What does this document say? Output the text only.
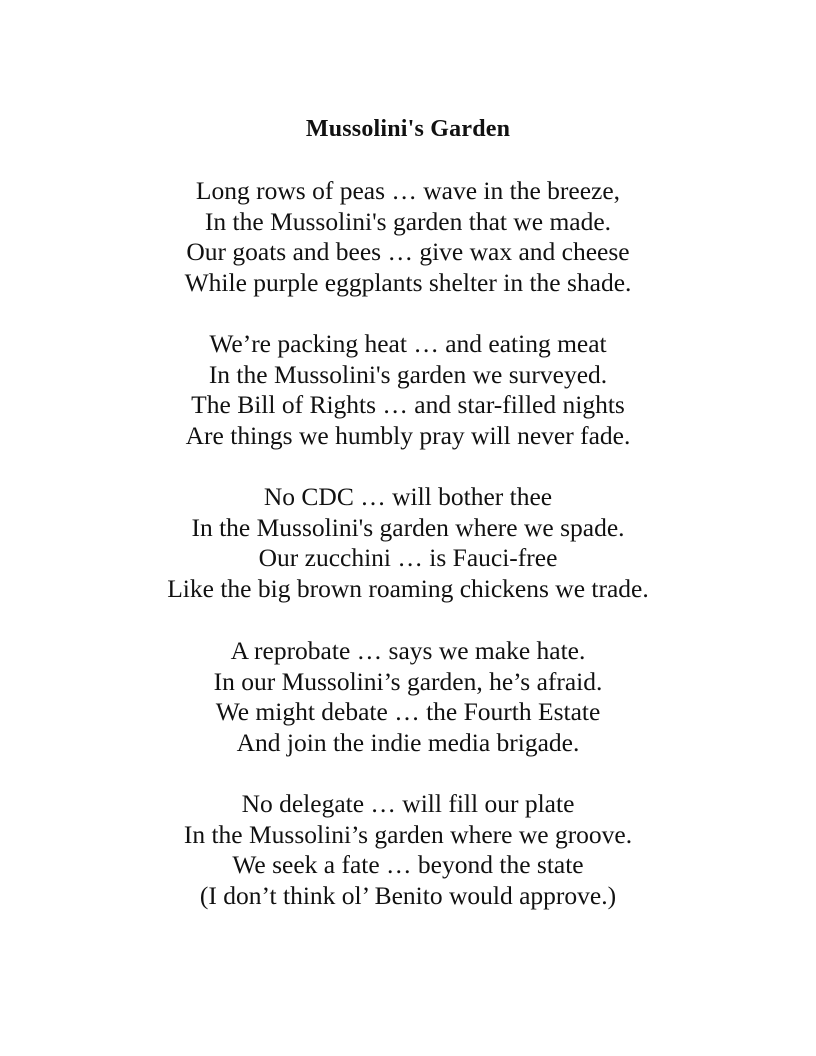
Mussolini's Garden
Long rows of peas … wave in the breeze,
In the Mussolini's garden that we made.
Our goats and bees … give wax and cheese
While purple eggplants shelter in the shade.
We’re packing heat … and eating meat
In the Mussolini's garden we surveyed.
The Bill of Rights … and star-filled nights
Are things we humbly pray will never fade.
No CDC … will bother thee
In the Mussolini's garden where we spade.
Our zucchini … is Fauci-free
Like the big brown roaming chickens we trade.
A reprobate … says we make hate.
In our Mussolini’s garden, he’s afraid.
We might debate … the Fourth Estate
And join the indie media brigade.
No delegate … will fill our plate
In the Mussolini’s garden where we groove.
We seek a fate … beyond the state
(I don’t think ol’ Benito would approve.)
